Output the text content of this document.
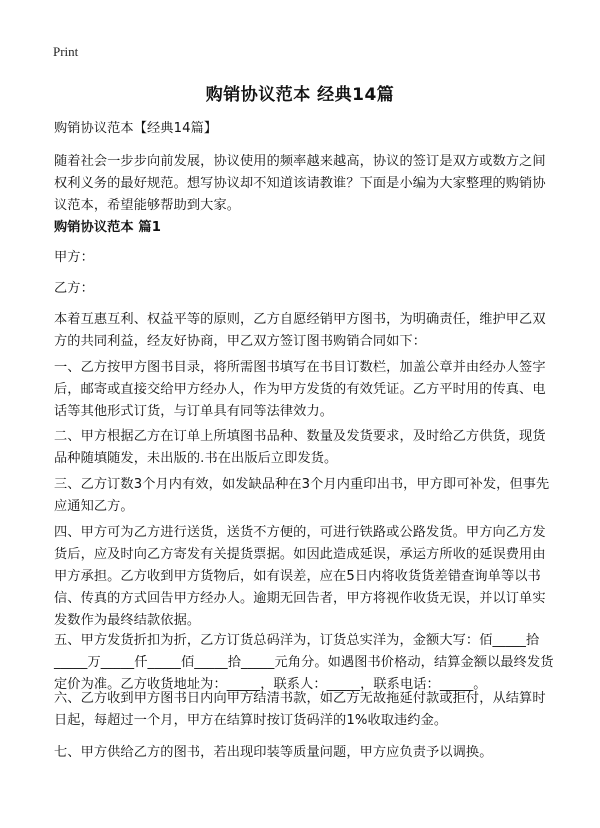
Print
购销协议范本 经典14篇
购销协议范本【经典14篇】
随着社会一步步向前发展，协议使用的频率越来越高，协议的签订是双方或数方之间权利义务的最好规范。想写协议却不知道该请教谁？下面是小编为大家整理的购销协议范本，希望能够帮助到大家。
购销协议范本 篇1
甲方：
乙方：
本着互惠互利、权益平等的原则，乙方自愿经销甲方图书，为明确责任，维护甲乙双方的共同利益，经友好协商，甲乙双方签订图书购销合同如下：
一、乙方按甲方图书目录，将所需图书填写在书目订数栏，加盖公章并由经办人签字后，邮寄或直接交给甲方经办人，作为甲方发货的有效凭证。乙方平时用的传真、电话等其他形式订货，与订单具有同等法律效力。
二、甲方根据乙方在订单上所填图书品种、数量及发货要求，及时给乙方供货，现货品种随填随发，未出版的.书在出版后立即发货。
三、乙方订数3个月内有效，如发缺品种在3个月内重印出书，甲方即可补发，但事先应通知乙方。
四、甲方可为乙方进行送货，送货不方便的，可进行铁路或公路发货。甲方向乙方发货后，应及时向乙方寄发有关提货票据。如因此造成延误，承运方所收的延误费用由甲方承担。乙方收到甲方货物后，如有误差，应在5日内将收货货差错查询单等以书信、传真的方式回告甲方经办人。逾期无回告者，甲方将视作收货无误，并以订单实发数作为最终结款依据。
五、甲方发货折扣为折，乙方订货总码洋为，订货总实洋为，金额大写：佰_____拾_____万_____仟_____佰_____拾_____元角分。如遇图书价格动，结算金额以最终发货定价为准。乙方收货地址为：_____，联系人：_____，联系电话：_____。
六、乙方收到甲方图书日内向甲方结清书款，如乙方无故拖延付款或拒付，从结算时日起，每超过一个月，甲方在结算时按订货码洋的1%收取违约金。
七、甲方供给乙方的图书，若出现印装等质量问题，甲方应负责予以调换。
